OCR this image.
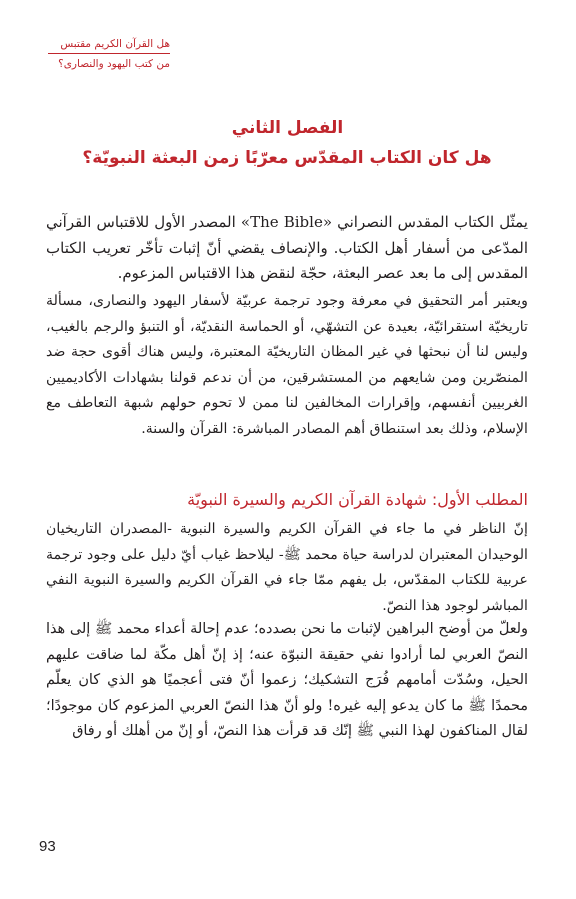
هل القرآن الكريم مقتبس
من كتب اليهود والنصارى؟
الفصل الثاني
هل كان الكتاب المقدّس معرّبًا زمن البعثة النبويّة؟

يمثّل الكتاب المقدس النصراني «The Bible» المصدر الأول للاقتباس القرآني المدّعى من أسفار أهل الكتاب. والإنصاف يقضي أنّ إثبات تأخّر تعريب الكتاب المقدس إلى ما بعد عصر البعثة، حجّة لنقض هذا الاقتباس المزعوم.

ويعتبر أمر التحقيق في معرفة وجود ترجمة عربيّة لأسفار اليهود والنصارى، مسألة تاريخيّة استقرائيّة، بعيدة عن التشهّي، أو الحماسة النقديّة، أو التنبؤ والرجم بالغيب، وليس لنا أن نبحثها في غير المظان التاريخيّة المعتبرة، وليس هناك أقوى حجة ضد المنصّرين ومن شايعهم من المستشرقين، من أن ندعم قولنا بشهادات الأكاديميين الغربيين أنفسهم، وإقرارات المخالفين لنا ممن لا تحوم حولهم شبهة التعاطف مع الإسلام، وذلك بعد استنطاق أهم المصادر المباشرة: القرآن والسنة.

المطلب الأول: شهادة القرآن الكريم والسيرة النبويّة

إنّ الناظر في ما جاء في القرآن الكريم والسيرة النبوية -المصدران التاريخيان الوحيدان المعتبران لدراسة حياة محمد ﷺ- ليلاحظ غياب أيّ دليل على وجود ترجمة عربية للكتاب المقدّس، بل يفهم ممّا جاء في القرآن الكريم والسيرة النبوية النفي المباشر لوجود هذا النصّ.

ولعلّ من أوضح البراهين لإثبات ما نحن بصدده؛ عدم إحالة أعداء محمد ﷺ إلى هذا النصّ العربي لما أرادوا نفي حقيقة النبوّة عنه؛ إذ إنّ أهل مكّة لما ضاقت عليهم الحيل، وسُدّت أمامهم فُرَج التشكيك؛ زعموا أنّ فتى أعجميًا هو الذي كان يعلّم محمدًا ﷺ ما كان يدعو إليه غيره! ولو أنّ هذا النصّ العربي المزعوم كان موجودًا؛ لقال المناكفون لهذا النبي ﷺ إنّك قد قرأت هذا النصّ، أو إنّ من أهلك أو رفاق

93
